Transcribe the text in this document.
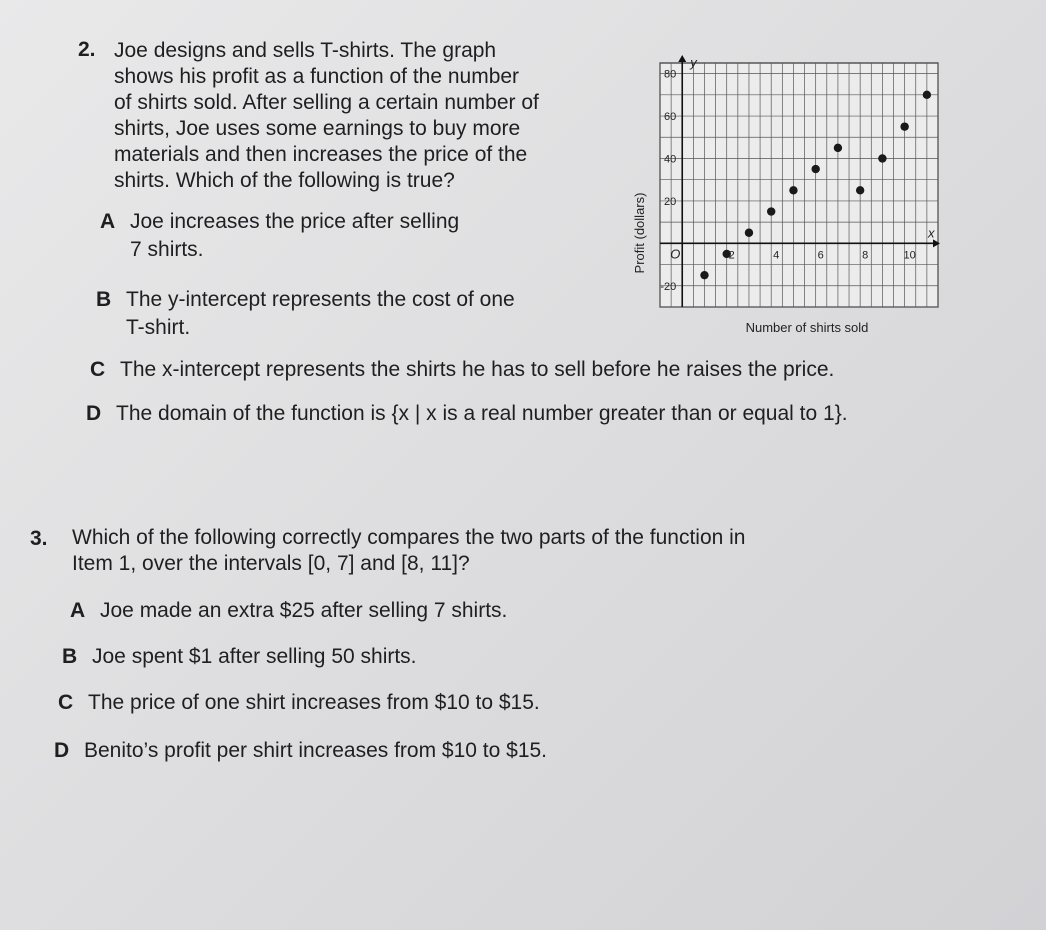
2. Joe designs and sells T-shirts. The graph
shows his profit as a function of the number
of shirts sold. After selling a certain number of
shirts, Joe uses some earnings to buy more
materials and then increases the price of the
shirts. Which of the following is true?
A Joe increases the price after selling
7 shirts.
B The y-intercept represents the cost of one
T-shirt.
C The x-intercept represents the shirts he has to sell before he raises the price.
D The domain of the function is {x | x is a real number greater than or equal to 1}.
2	4	6	8	10
-20
20
40
60
80
O
x
y
Profit (dollars)
Number of shirts sold
3. Which of the following correctly compares the two parts of the function in
Item 1, over the intervals [0, 7] and [8, 11]?
A Joe made an extra $25 after selling 7 shirts.
B Joe spent $1 after selling 50 shirts.
C The price of one shirt increases from $10 to $15.
D Benito’s profit per shirt increases from $10 to $15.
